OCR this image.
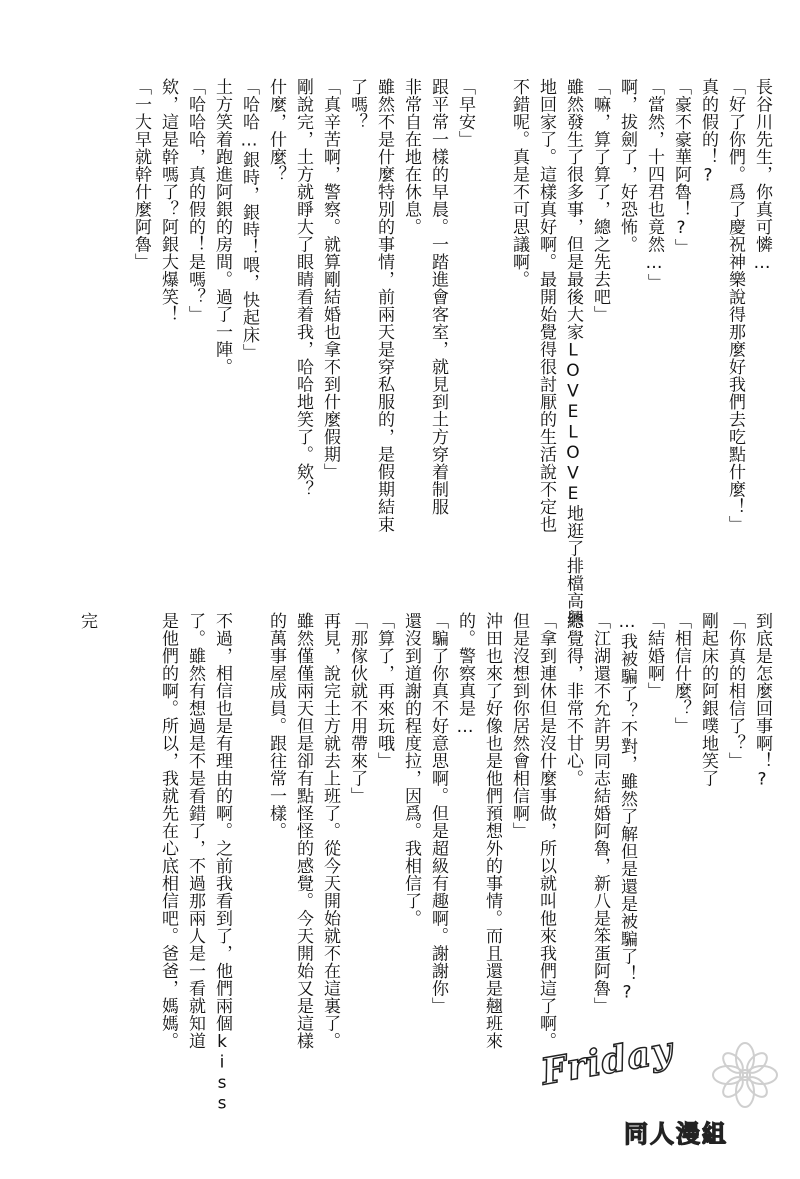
長谷川先生，你真可憐…
「好了你們。爲了慶祝神樂說得那麼好我們去吃點什麼！」
真的假的！?
「豪不豪華阿魯！?」
「當然，十四君也竟然…」
啊，拔劍了，好恐怖。
「嘛，算了算了，總之先去吧」
雖然發生了很多事，但是最後大家LOVELOVE地逛了排檔高興
地回家了。這樣真好啊。最開始覺得很討厭的生活說不定也
不錯呢。真是不可思議啊。

「早安」
跟平常一樣的早晨。一踏進會客室，就見到土方穿着制服
非常自在地在休息。
雖然不是什麼特別的事情，前兩天是穿私服的，是假期結束
了嗎？
「真辛苦啊，警察。就算剛結婚也拿不到什麼假期」
剛說完，土方就睜大了眼睛看着我，哈哈地笑了。欸？
什麼，什麼？
「哈哈…銀時，銀時！喂，快起床」
土方笑着跑進阿銀的房間。過了一陣。
「哈哈哈，真的假的！是嗎？」
欸，這是幹嗎了？阿銀大爆笑！
「一大早就幹什麼阿魯」
到底是怎麼回事啊！?
「你真的相信了？」
剛起床的阿銀噗地笑了
「相信什麼？」
「結婚啊」
…我被騙了？不對，雖然了解但是還是被騙了！?
「江湖還不允許男同志結婚阿魯，新八是笨蛋阿魯」
總覺得，非常不甘心。
「拿到連休但是沒什麼事做，所以就叫他來我們這了啊。
但是沒想到你居然會相信啊」
沖田也來了好像也是他們預想外的事情。而且還是翹班來
的。警察真是…
「騙了你真不好意思啊。但是超級有趣啊。謝謝你」
還沒到道謝的程度拉，因爲。我相信了。
「算了，再來玩哦」
「那傢伙就不用帶來了」
再見，說完土方就去上班了。從今天開始就不在這裏了。
雖然僅僅兩天但是卻有點怪怪的感覺。今天開始又是這樣
的萬事屋成員。跟往常一樣。

不過，相信也是有理由的啊。之前我看到了，他們兩個kiss
了。雖然有想過是不是看錯了，不過那兩人是一看就知道
是他們的啊。所以，我就先在心底相信吧。爸爸，媽媽。

完
Friday
同人漫組
